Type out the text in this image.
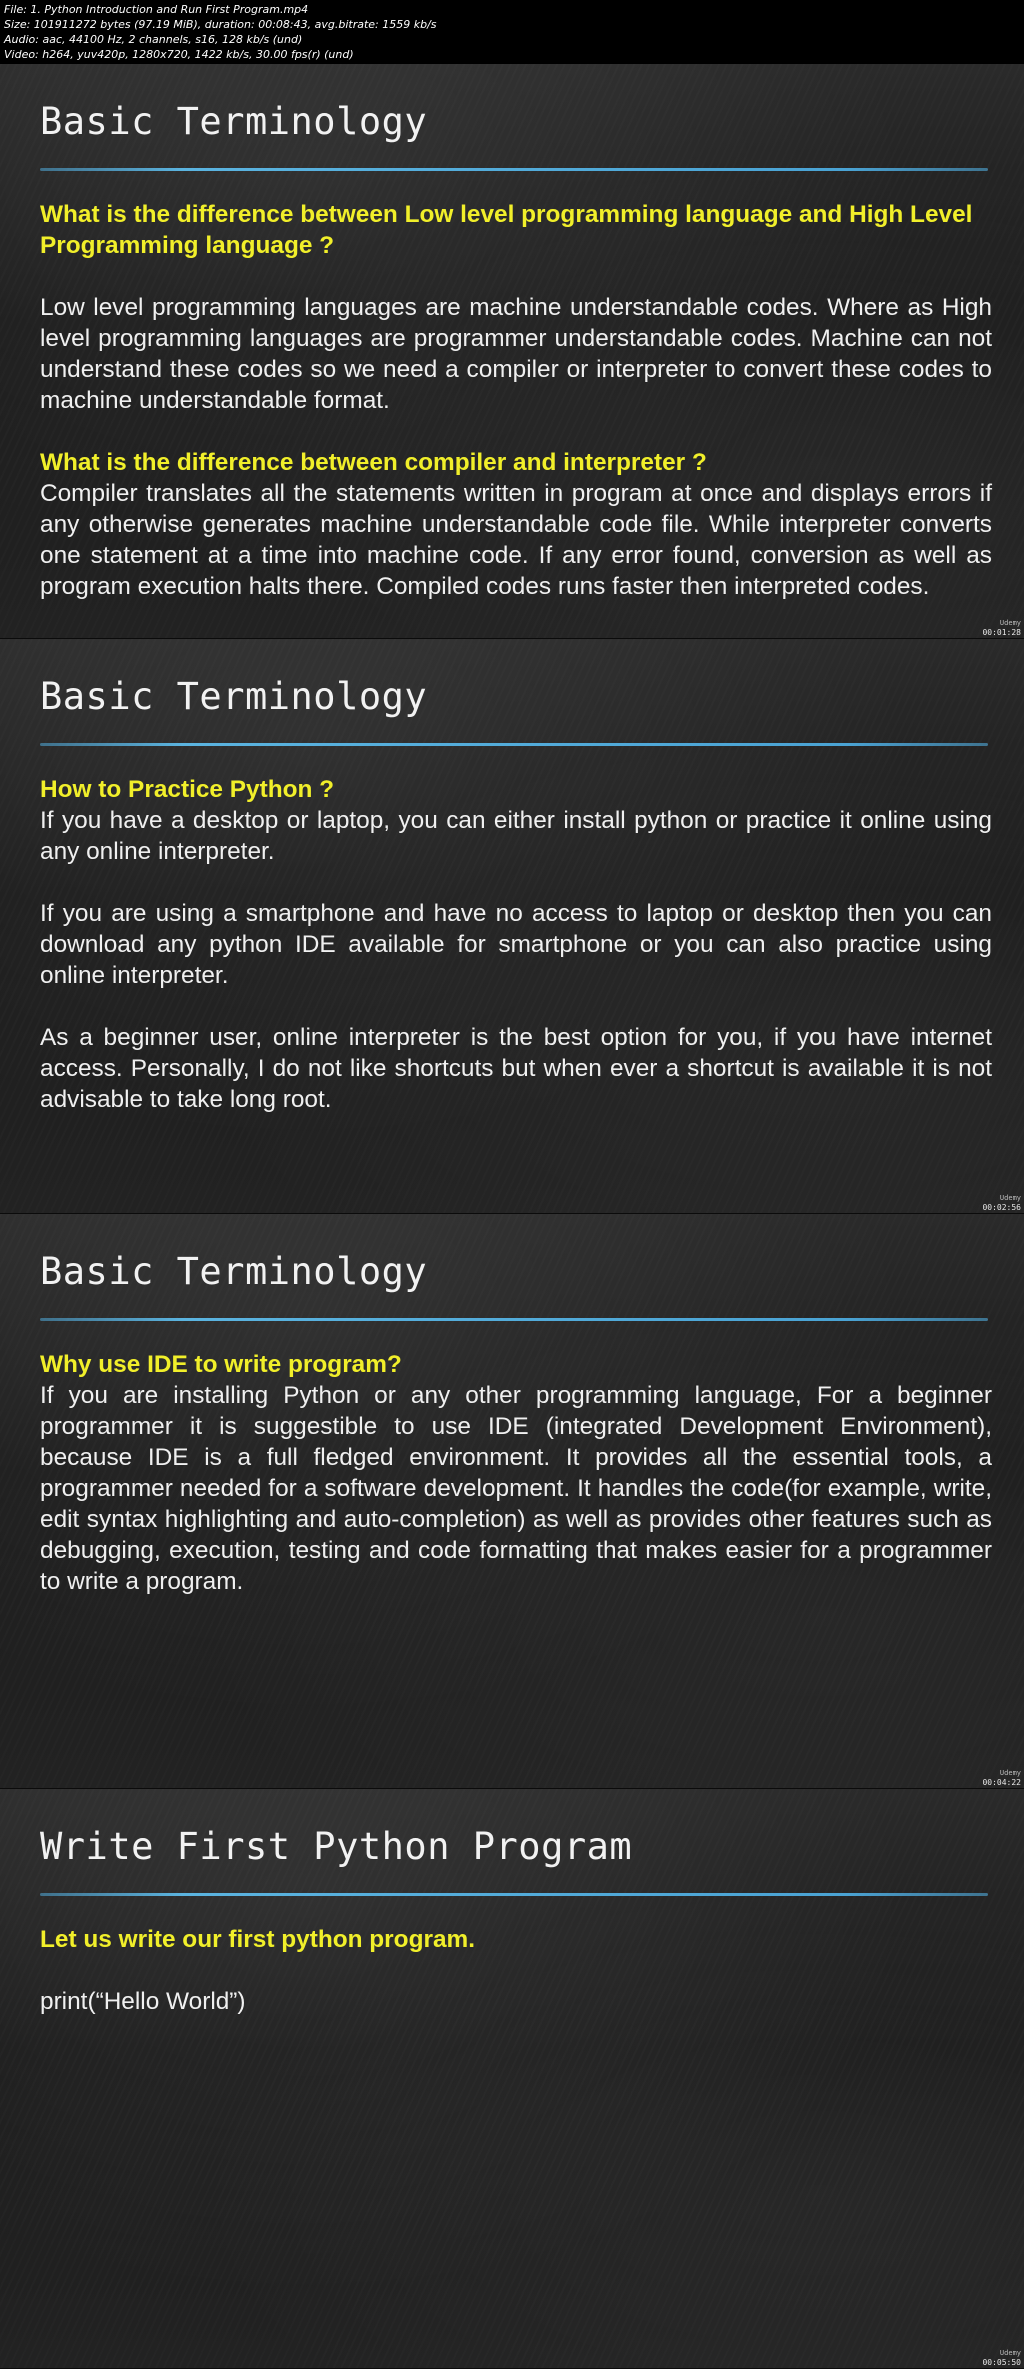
File: 1. Python Introduction and Run First Program.mp4
Size: 101911272 bytes (97.19 MiB), duration: 00:08:43, avg.bitrate: 1559 kb/s
Audio: aac, 44100 Hz, 2 channels, s16, 128 kb/s (und)
Video: h264, yuv420p, 1280x720, 1422 kb/s, 30.00 fps(r) (und)
Basic Terminology

What is the difference between Low level programming language and High Level Programming language ?

Low level programming languages are machine understandable codes. Where as High level programming languages are programmer understandable codes. Machine can not understand these codes so we need a compiler or interpreter to convert these codes to machine understandable format.

What is the difference between compiler and interpreter ?

Compiler translates all the statements written in program at once and displays errors if any otherwise generates machine understandable code file. While interpreter converts one statement at a time into machine code. If any error found, conversion as well as program execution halts there. Compiled codes runs faster then interpreted codes.

Udemy
00:01:28
Basic Terminology

How to Practice Python ?

If you have a desktop or laptop, you can either install python or practice it online using any online interpreter.

If you are using a smartphone and have no access to laptop or desktop then you can download any python IDE available for smartphone or you can also practice using online interpreter.

As a beginner user, online interpreter is the best option for you, if you have internet access. Personally, I do not like shortcuts but when ever a shortcut is available it is not advisable to take long root.

Udemy
00:02:56
Basic Terminology

Why use IDE to write program?

If you are installing Python or any other programming language, For a beginner programmer it is suggestible to use IDE (integrated Development Environment), because IDE is a full fledged environment. It provides all the essential tools, a programmer needed for a software development. It handles the code(for example, write, edit syntax highlighting and auto-completion) as well as provides other features such as debugging, execution, testing and code formatting that makes easier for a programmer to write a program.

Udemy
00:04:22
Write First Python Program

Let us write our first python program.

print(“Hello World”)

Udemy
00:05:50
